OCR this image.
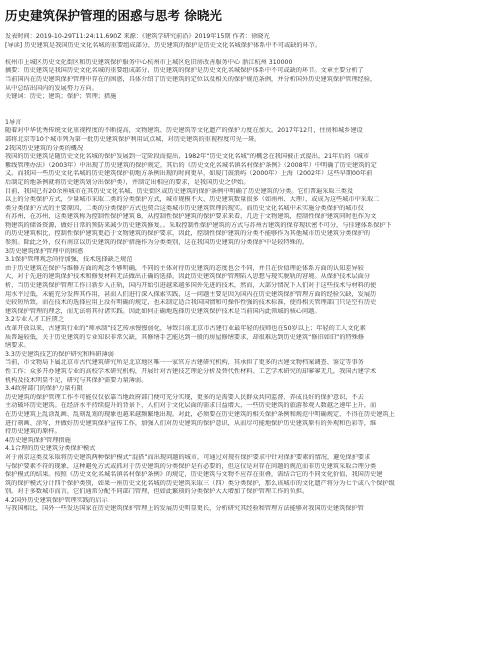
历史建筑保护管理的困惑与思考 徐晓光
发表时间：2019-10-29T11:24:11.690Z 来源：《建筑学研究前沿》2019年15期 作者：徐晓光
[导读] 历史建筑是我国历史文化名城的重要组成部分，历史建筑的保护是历史文化名城保护体系中不可或缺的环节。
杭州市上城区历史文化街区和历史建筑保护服务中心杭州市上城区危旧房改善服务中心 浙江杭州 310000

摘要：历史建筑是我国历史文化名城的重要组成部分，历史建筑的保护是历史文化名城保护体系中不可或缺的环节。文章主要分析了

当前国内在历史建筑保护管理中存在的困惑，具体介绍了历史建筑的定位以及相关的保护规范条例，并分析国外历史建筑保护管理经验，

从中总结出国内的发展努力方向。

关键词：历史；建筑；保护；管理；措施

1导言

随着对中华优秀传统文化重视程度的不断提高，文物建筑、历史建筑等文化遗产的保护力度在加大。2017年12月，住房和城乡建设

部将北京等10个城市列为第一批历史建筑保护利用试点城，对历史建筑的重视程度可见一斑。

2我国历史建筑的分类的概况

我国的历史建筑是随历史文化名城的保护发展到一定阶段而提出，1982年“历史文化名城”的概念在我国被正式提出，21年后的《城市

紫线管理办法》（2003年）中出现了历史建筑的保护规定，其后的《历史文化名城名镇名村保护条例》（2008年）中明确了历史建筑的定

义。而我国一些历史文化名城的历史建筑保护初地方条例出现的时间更早，如厦门鼓浪屿（2000年）上海（2002年）这些早期00年前

后制定的地条例就将历史建筑划分出保护类），并制定出相应的要求，是我国历史之伊始。

目前，我国已有20余座城市在其历史文化名城、历史街区或历史建筑的保护条例中明确了历史建筑的分类。它们普遍采取三类及

以上的分类保护方式，少量城市采取二类的分类保护方式，城市规模不大、历史建筑数量很多（如南州、大理），或成为这些城市中采取二

类分类保护方式的主要原因，二类的分类保护方式也契合这类城市历史建筑管理的现实。而历史文化名城中未实施分类保护的城市仅

有苏州，在苏州，这类建筑称为控制性保护建筑 B，从控制性保护建筑的保护要求来看，几近于文物建筑，控制性保护建筑同时也作为文

物建筑的储备资源，做好日常的预防来减少历史建筑修复。。采取控制性保护建筑的方式与苏州古建筑的保存现状密不可分，与佳建体系保护下

的历史建筑相比，控制性保护建筑更趋于文物建筑的保护要求，因此，控制性保护建筑的分类不能够作为其他城市历史建筑分类保护的

参照。除此之外，仅有南京以历史建筑的保护措施作为分类类别，这在我国历史建筑的分类保护中是较特殊的。

3历史建筑保护管理中的困惑

3.1保护管理观念尚待加强，技术选择缺乏规范

由于历史建筑在保护与维修方面的观念不够明确，不同的主体对待历史建筑的态度也会不同，并且在价值理论体系方面的认知差异较

大，对于先进的建筑保护技术和修复材料无法做出正确的选择，因此历史建筑保护管理陷入思想与现实脱轨的窘境。从保护技术层面分

析，当历史建筑保护管理工作日新步入正轨，国内开始引进越来越多国外先进的技术，然而，大部分情况下人们对于这些技术与材料的使

用水平过低，未能充分发挥其作用，甚而人们进行深入探索实践，这一问题主要是因为国内在历史建筑保护管理方面的经验欠缺，发展历

史较短所致，而在技术的选择应用上没有明确的规定，也未制定适合我国国情和可操作性强的技术标准，使得相关管理部门只是空有历史

建筑保护管理的理念，而无法将其付诸实践。因此如何正确地选择历史建筑保护技术是当前国内此领域的核心问题。

3.2专业人才工匠匮乏

改革开放以来，古建筑行业的“师承制”技艺传承慢慢弱化，导致目前北京市古建行业最年轻的技师也在50岁以上；年轻的工人文化素

质普遍较低，关于历史建筑的专业知识非常欠缺，其修缮手艺能达到一般的房屋修缮要求，却很难达到历史建筑“修旧如旧”的特殊修

缮要求。

3.3历史建筑技艺的保护研究和科研薄弱

当前，市文物局下属北京市古代建筑研究所是北京地区唯一一家官方古建研究机构，其承担了更多的古建文物档案调查、鉴定等事务

性工作；众多开办建筑专业的高校学术研究机构，开展针对古建技艺理论分析及替代性材料、工艺学术研究的却寥寥无几，我国古建学术

机构及技术明显不足，研究与其保护需要力量薄弱。

3.4政府部门的保护力量有限

历史建筑的保护管理工作不可能仅仅依靠当地政府部门便可充分实现，更多的是需要人民群众共同监督、养成良好的保护意识，不去

主动破坏历史建筑。在经济水平持续提升的背景下，人们对于文化层面的需求日益增大，一些历史建筑的旅游参观人数越之递年上升，而

在历史建筑上乱涂乱画、乱刻乱划的现象也越来越频繁地出现。对此，必须要在历史建筑的相关保护条例和规范中明确规定，不得在历史建筑上

进行刻画、涂写，并做好历史建筑保护宣传工作，加强人们对历史建筑的保护意识，从而尽可能地保护历史建筑原有的外观和色彩等，维

持历史建筑的原样。

4历史建筑保护管理措施

4.1合理的历史建筑分类保护模式

对于南京这类及采取将历史建筑两种保护模式“混搭”而出现问题的城市，可通过对现有保护要求中针对保护要素的情况，避免保护要求

与保护要素不符的现象，这种避免方式或抓对于历史建筑的分类保护是有必要的，但这仅是对存在问题的规范而非历史建筑采取合理分类

保护模式的结果。按照《历史文化名城名镇名村保护条例》的规定，历史建筑与文物不应存在重叠，需结合它的不同文化价值，我国历史建

筑的保护模式分计四个保护类别，如果一座历史文化名城的历史建筑采取三（四）类分类保护，那么该城市的文化遗产将分为七个或八个保护级

别。对于多数城市而言，它们通常分配不同部门管理，但如此繁琐的分类保护大大增加了保护管理工作的负担。

4.2国外历史建筑保护管理实践的启示

与我国相比，国外一些发达国家在历史建筑保护管理上的发展历史明显更长，分析研究其经验和管理方法能够对我国历史建筑保护管
